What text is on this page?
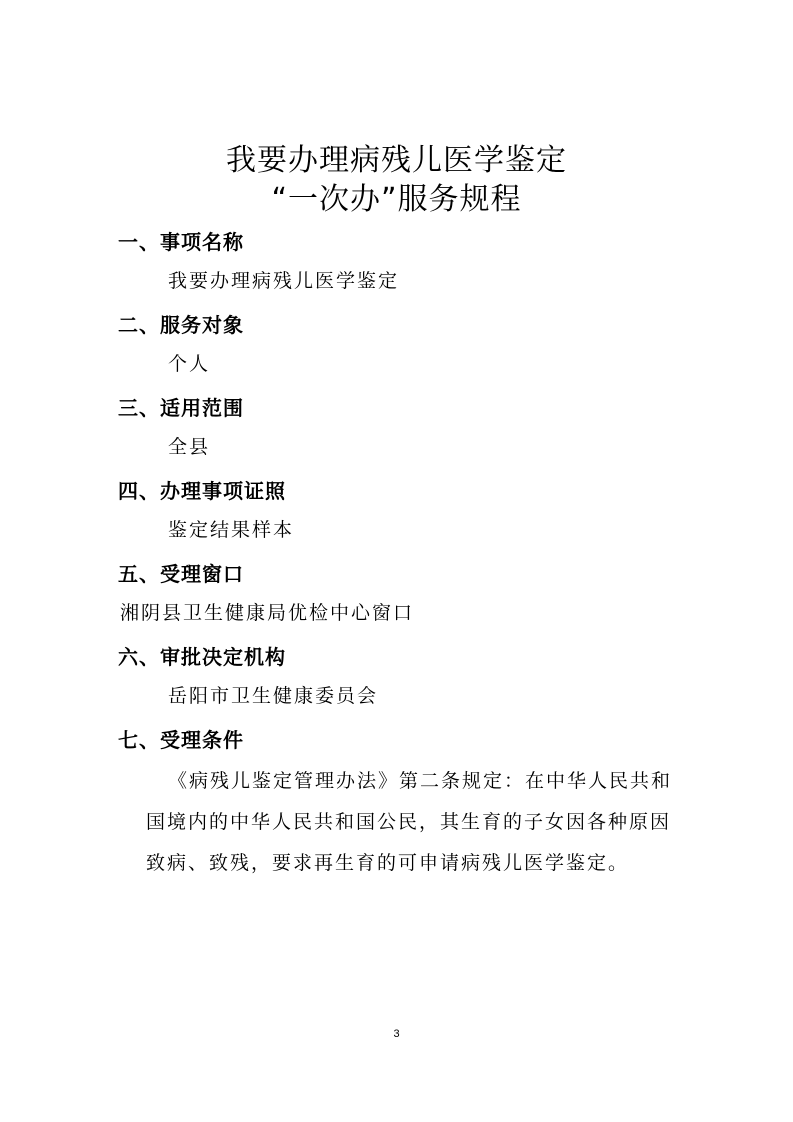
我要办理病残儿医学鉴定
“一次办”服务规程
一、事项名称
我要办理病残儿医学鉴定
二、服务对象
个人
三、适用范围
全县
四、办理事项证照
鉴定结果样本
五、受理窗口
湘阴县卫生健康局优检中心窗口
六、审批决定机构
岳阳市卫生健康委员会
七、受理条件
《病残儿鉴定管理办法》第二条规定：在中华人民共和
国境内的中华人民共和国公民，其生育的子女因各种原因
致病、致残，要求再生育的可申请病残儿医学鉴定。
3
